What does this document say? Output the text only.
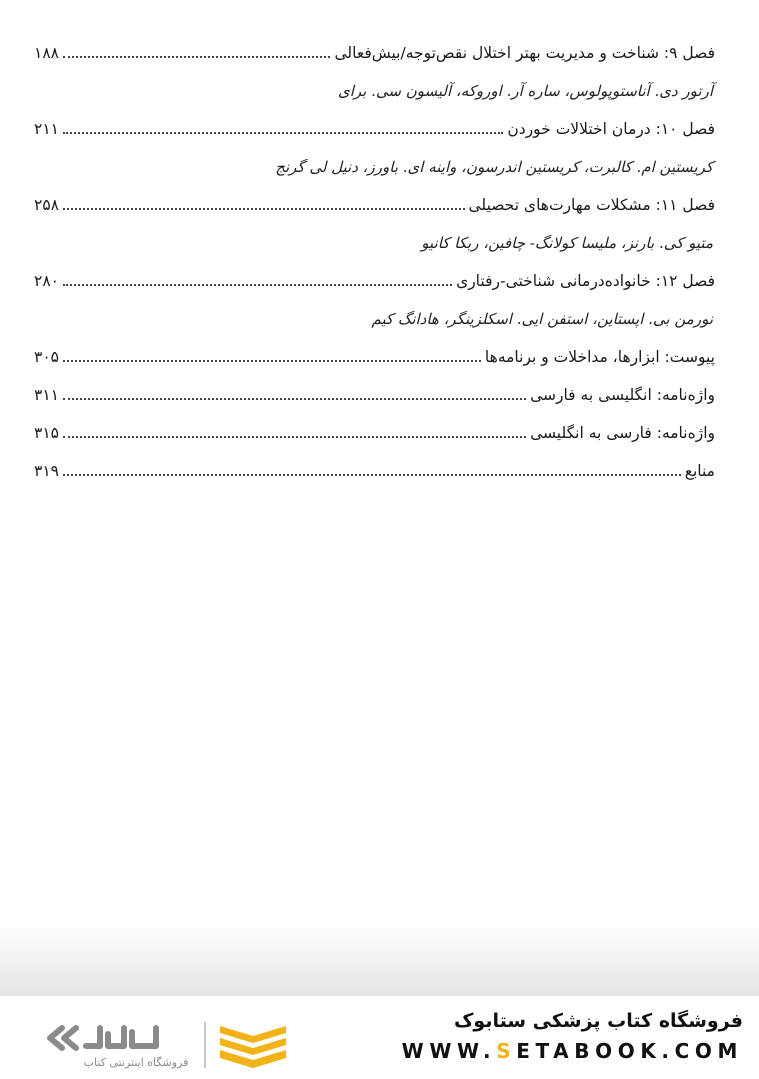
فصل ۹: شناخت و مدیریت بهتر اختلال نقص‌توجه/بیش‌فعالی
۱۸۸
آرتور دی. آناستوپولوس، ساره آر. اوروکه، آلیسون سی. برای
فصل ۱۰: درمان اختلالات خوردن
۲۱۱
کریستین ام. کالبرت، کریستین اندرسون، واینه ای. باورز، دنیل لی گرنج
فصل ۱۱: مشکلات مهارت‌های تحصیلی
۲۵۸
متیو کی. بارنز، ملیسا کولانگ- چافین، ربکا کانیو
فصل ۱۲: خانواده‌درمانی شناختی-رفتاری
۲۸۰
نورمن بی. اپستاین، استفن ایی. اسکلزینگر، هادانگ کیم
پیوست: ابزارها، مداخلات و برنامه‌ها
۳۰۵
واژه‌نامه: انگلیسی به فارسی
۳۱۱
واژه‌نامه: فارسی به انگلیسی
۳۱۵
منابع
۳۱۹
فروشگاه کتاب پزشکی ستابوک
WWW.SETABOOK.COM
فروشگاه اینترنتی کتاب
